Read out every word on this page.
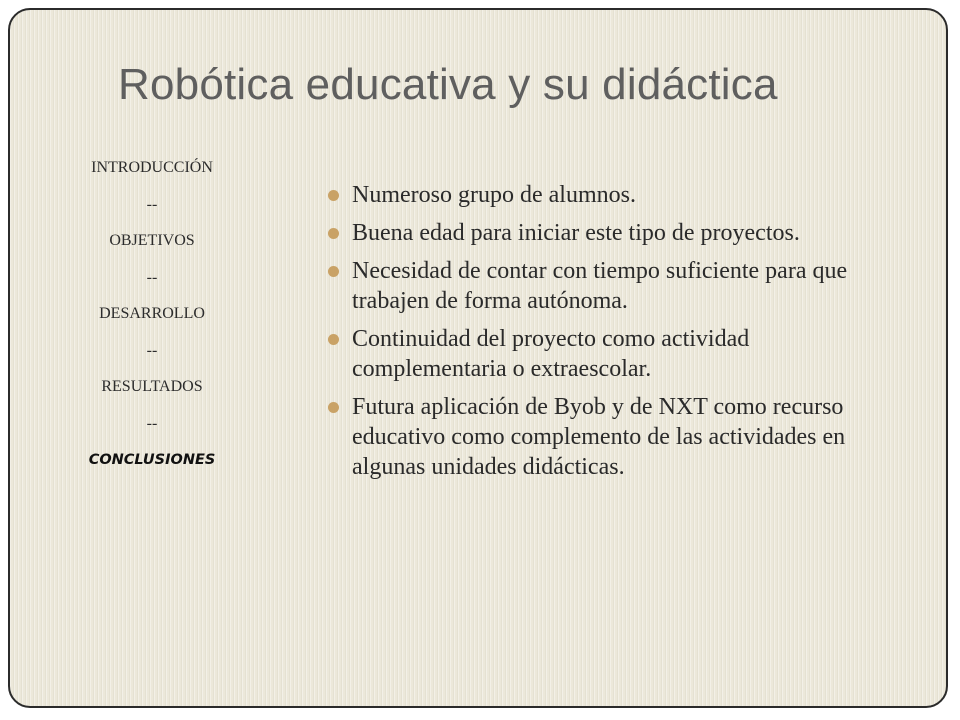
Robótica educativa y su didáctica
INTRODUCCIÓN
--
OBJETIVOS
--
DESARROLLO
--
RESULTADOS
--
CONCLUSIONES
Numeroso grupo de alumnos.
Buena edad para iniciar este tipo de proyectos.
Necesidad de contar con tiempo suficiente para que trabajen de forma autónoma.
Continuidad del proyecto como actividad complementaria o extraescolar.
Futura aplicación de Byob y de NXT como recurso educativo como complemento de las actividades en algunas unidades didácticas.
